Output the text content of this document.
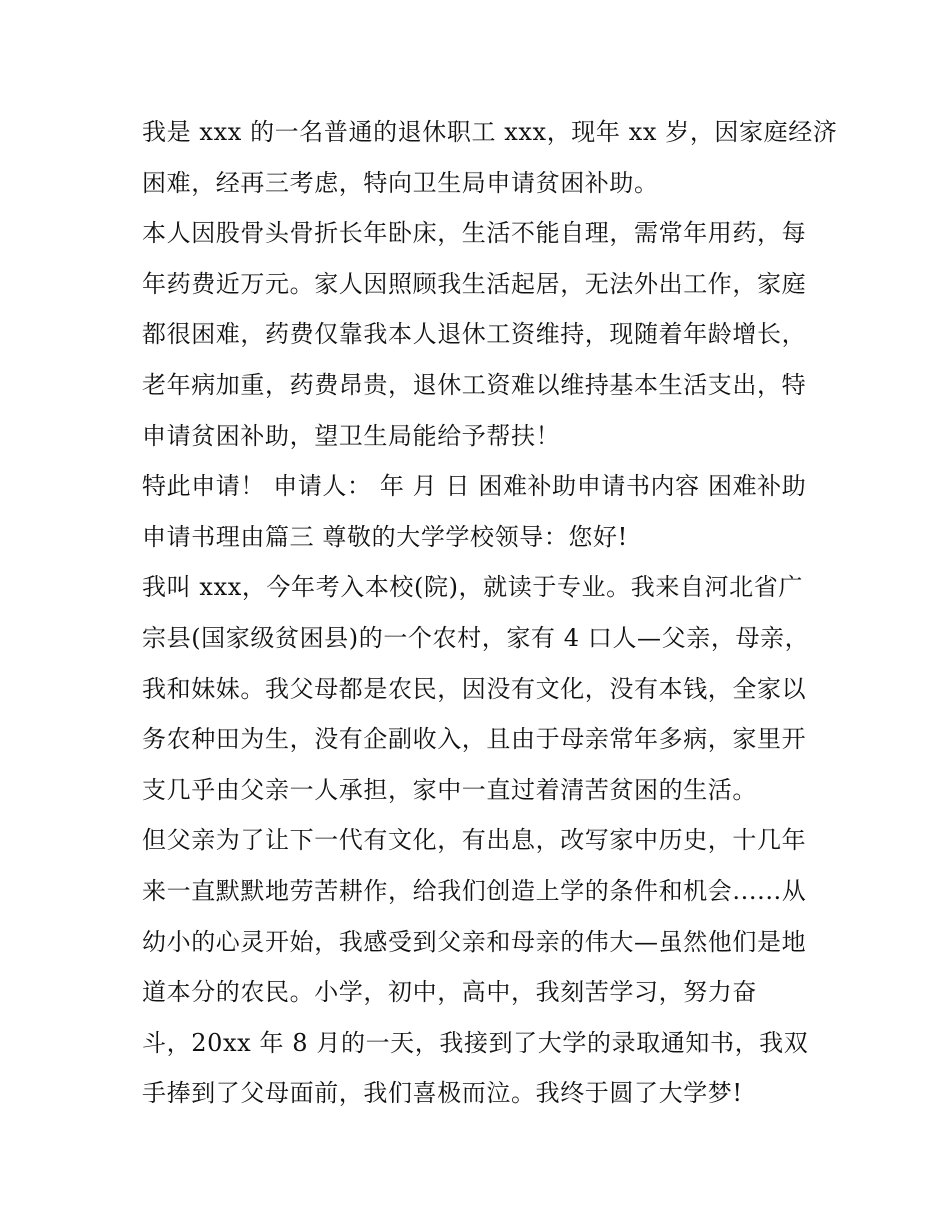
我是 xxx 的一名普通的退休职工 xxx，现年 xx 岁，因家庭经济
困难，经再三考虑，特向卫生局申请贫困补助。
本人因股骨头骨折长年卧床，生活不能自理，需常年用药，每
年药费近万元。家人因照顾我生活起居，无法外出工作，家庭
都很困难，药费仅靠我本人退休工资维持，现随着年龄增长，
老年病加重，药费昂贵，退休工资难以维持基本生活支出，特
申请贫困补助，望卫生局能给予帮扶！
特此申请！ 申请人： 年 月 日 困难补助申请书内容 困难补助
申请书理由篇三 尊敬的大学学校领导：您好!
我叫 xxx，今年考入本校(院)，就读于专业。我来自河北省广
宗县(国家级贫困县)的一个农村，家有 4 口人—父亲，母亲，
我和妹妹。我父母都是农民，因没有文化，没有本钱，全家以
务农种田为生，没有企副收入，且由于母亲常年多病，家里开
支几乎由父亲一人承担，家中一直过着清苦贫困的生活。
但父亲为了让下一代有文化，有出息，改写家中历史，十几年
来一直默默地劳苦耕作，给我们创造上学的条件和机会......从
幼小的心灵开始，我感受到父亲和母亲的伟大—虽然他们是地
道本分的农民。小学，初中，高中，我刻苦学习，努力奋
斗，20xx 年 8 月的一天，我接到了大学的录取通知书，我双
手捧到了父母面前，我们喜极而泣。我终于圆了大学梦!
